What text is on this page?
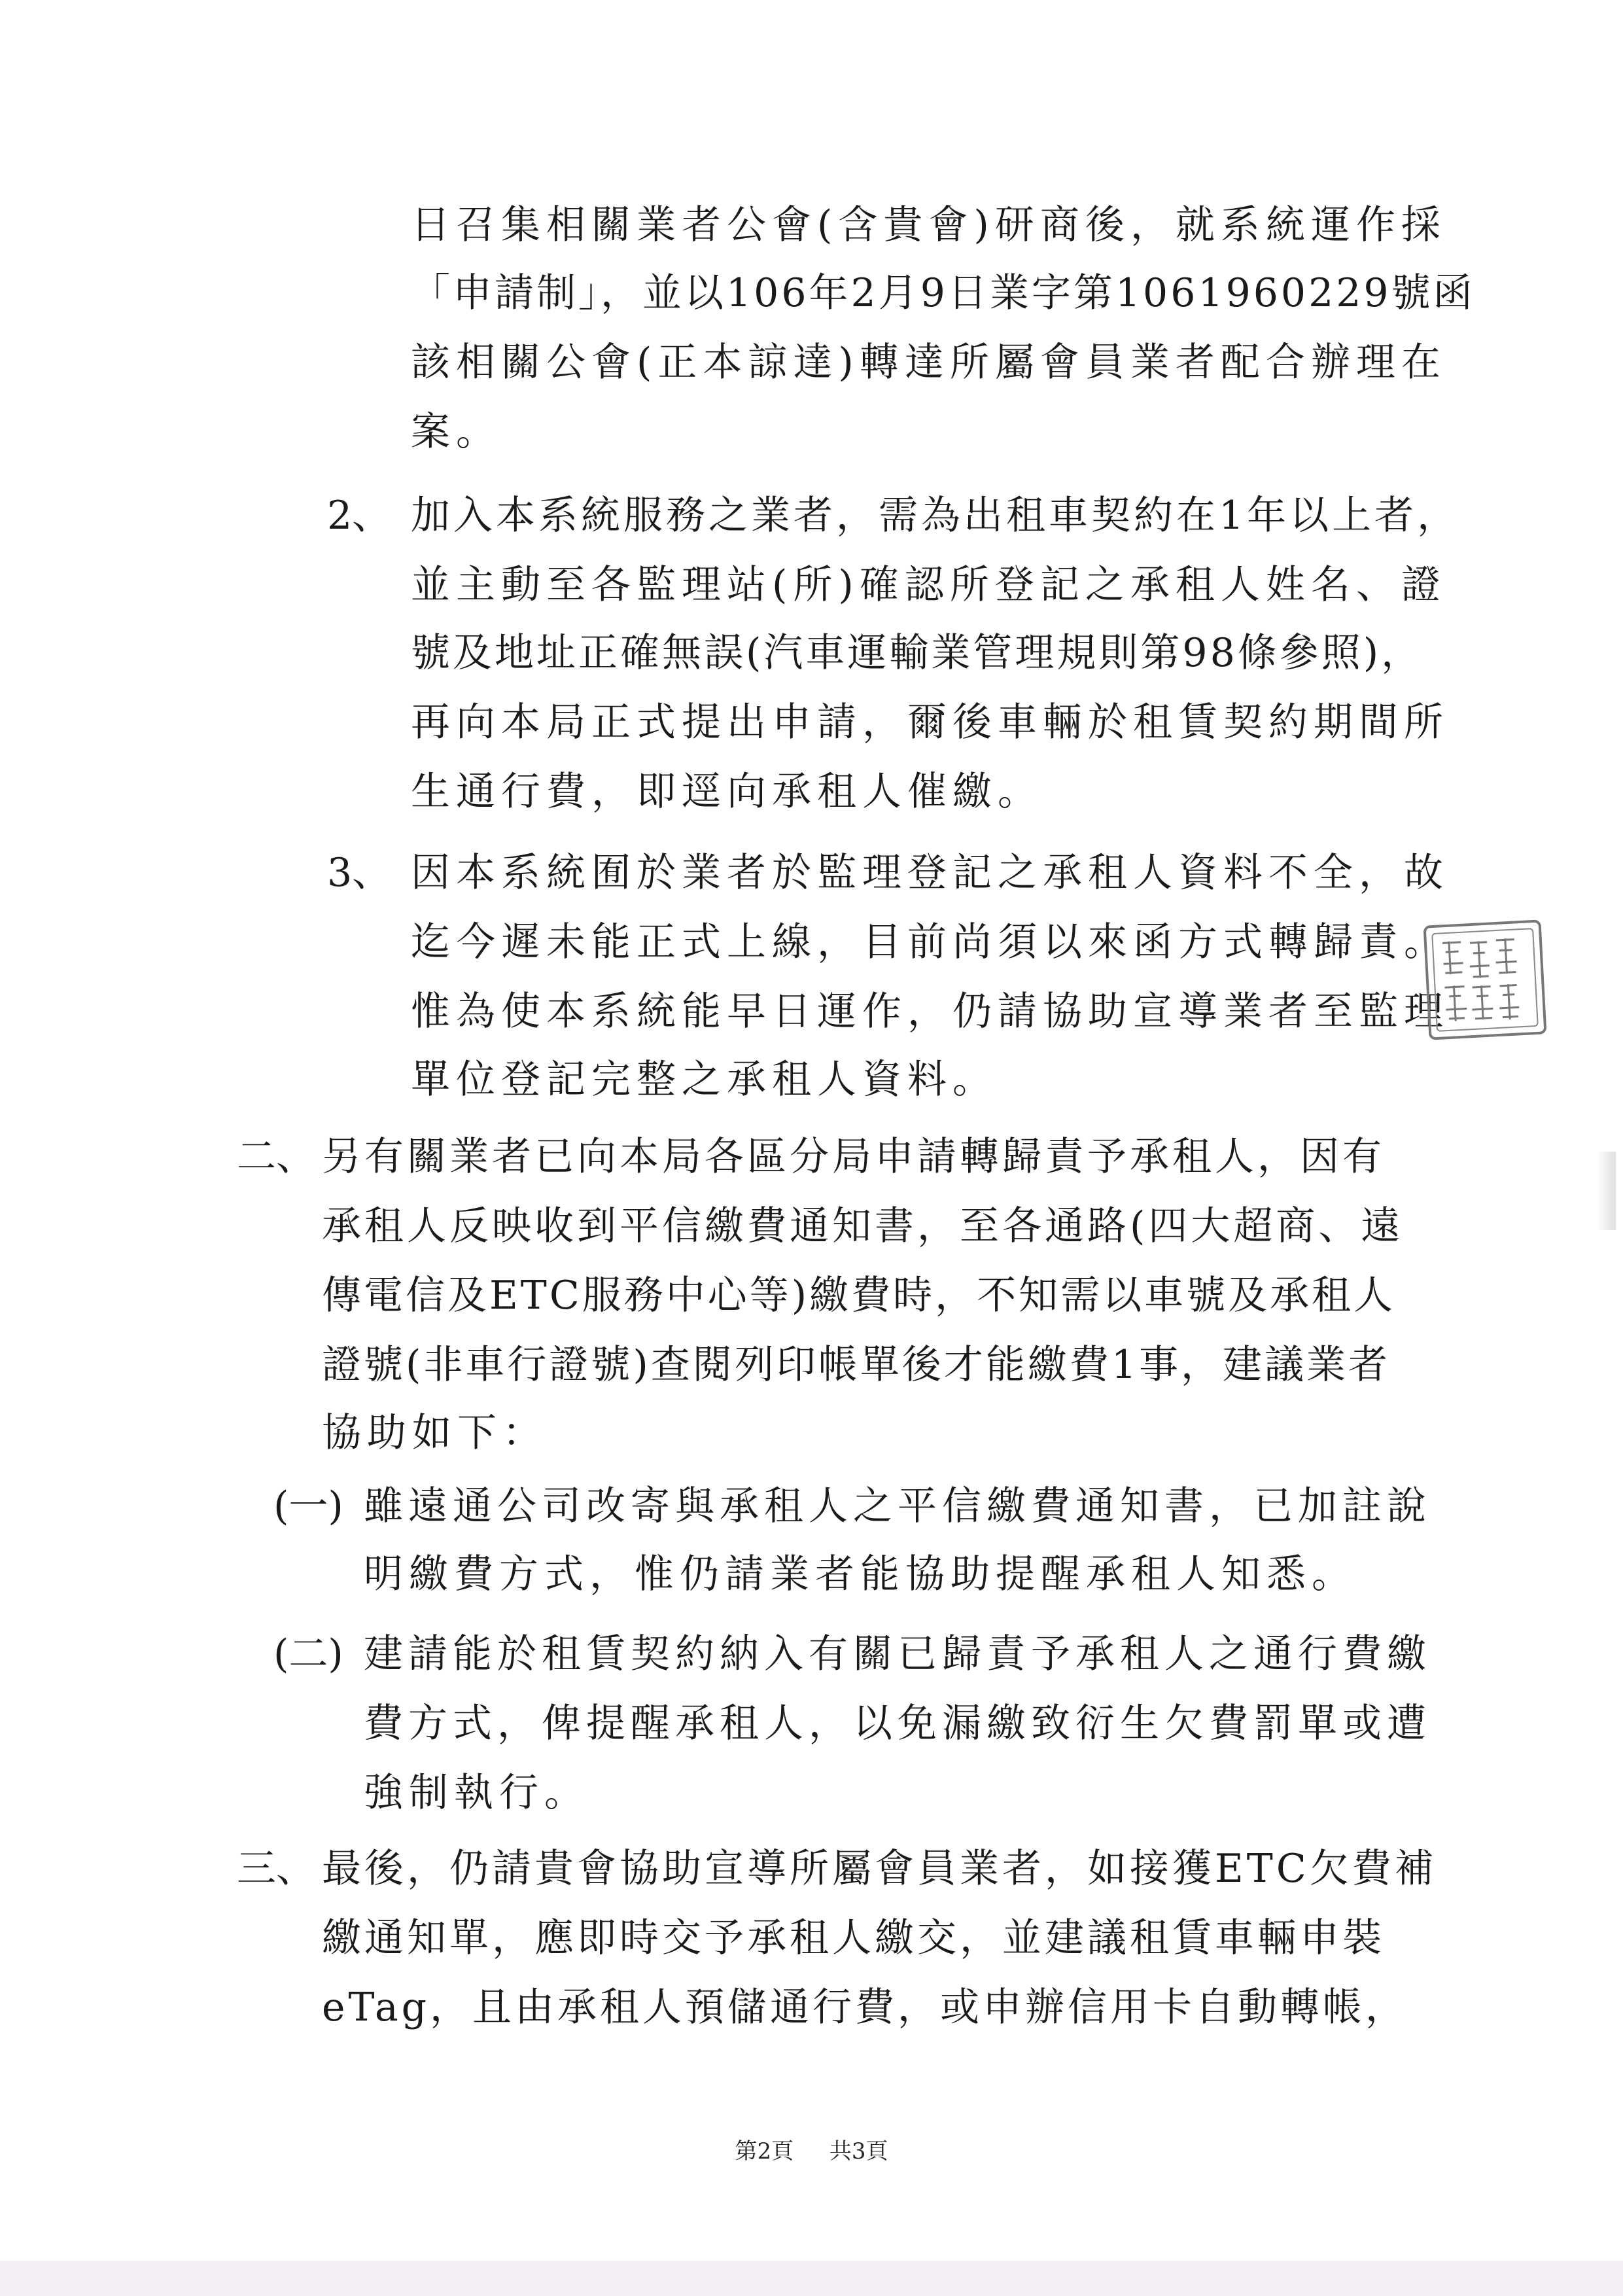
日召集相關業者公會(含貴會)研商後，就系統運作採
「申請制」，並以106年2月9日業字第1061960229號函
該相關公會(正本諒達)轉達所屬會員業者配合辦理在
案。
2、 加入本系統服務之業者，需為出租車契約在1年以上者，
並主動至各監理站(所)確認所登記之承租人姓名、證
號及地址正確無誤(汽車運輸業管理規則第98條參照)，
再向本局正式提出申請，爾後車輛於租賃契約期間所
生通行費，即逕向承租人催繳。
3、 因本系統囿於業者於監理登記之承租人資料不全，故
迄今遲未能正式上線，目前尚須以來函方式轉歸責。
惟為使本系統能早日運作，仍請協助宣導業者至監理
單位登記完整之承租人資料。
二、 另有關業者已向本局各區分局申請轉歸責予承租人，因有
承租人反映收到平信繳費通知書，至各通路(四大超商、遠
傳電信及ETC服務中心等)繳費時，不知需以車號及承租人
證號(非車行證號)查閱列印帳單後才能繳費1事，建議業者
協助如下：
(一) 雖遠通公司改寄與承租人之平信繳費通知書，已加註說
明繳費方式，惟仍請業者能協助提醒承租人知悉。
(二) 建請能於租賃契約納入有關已歸責予承租人之通行費繳
費方式，俾提醒承租人，以免漏繳致衍生欠費罰單或遭
強制執行。
三、 最後，仍請貴會協助宣導所屬會員業者，如接獲ETC欠費補
繳通知單，應即時交予承租人繳交，並建議租賃車輛申裝
eTag，且由承租人預儲通行費，或申辦信用卡自動轉帳，
第2頁 共3頁
